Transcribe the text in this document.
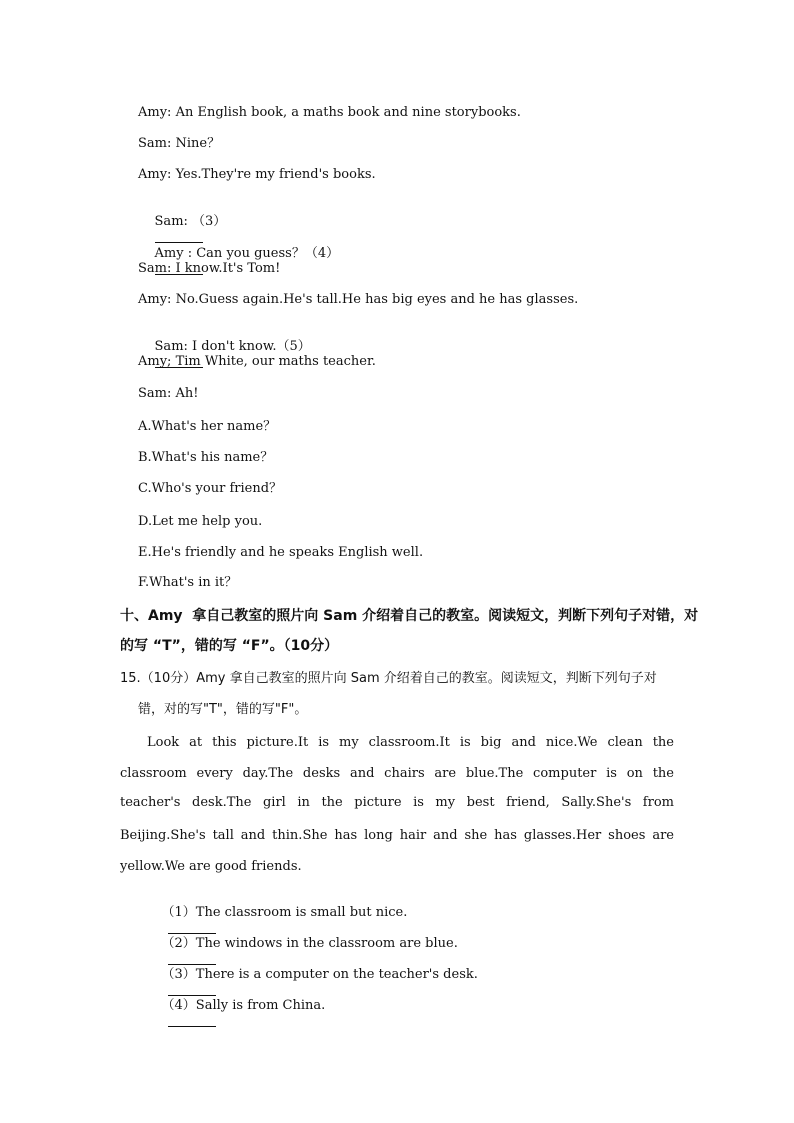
Amy: An English book, a maths book and nine storybooks.
Sam: Nine？
Amy: Yes.They're my friend's books.

Sam: （3）

Amy : Can you guess？（4）

Sam: I know.It's Tom!
Amy: No.Guess again.He's tall.He has big eyes and he has glasses.

Sam: I don't know.（5）

Amy; Tim White, our maths teacher.
Sam: Ah!
A.What's her name？
B.What's his name？
C.Who's your friend？
D.Let me help you.
E.He's friendly and he speaks English well.
F.What's in it？
十、Amy  拿自己教室的照片向 Sam 介绍着自己的教室。阅读短文，判断下列句子对错，对
的写 “T”，错的写 “F”。（10分）
15.（10分）Amy 拿自己教室的照片向 Sam 介绍着自己的教室。阅读短文，判断下列句子对
错，对的写"T"，错的写"F"。
Look at this picture.It is my classroom.It is big and nice.We clean the
classroom every day.The desks and chairs are blue.The computer is on the
teacher's desk.The girl in the picture is my best friend, Sally.She's from
Beijing.She's tall and thin.She has long hair and she has glasses.Her shoes are
yellow.We are good friends.

（1）The classroom is small but nice.

（2）The windows in the classroom are blue.

（3）There is a computer on the teacher's desk.

（4）Sally is from China.
